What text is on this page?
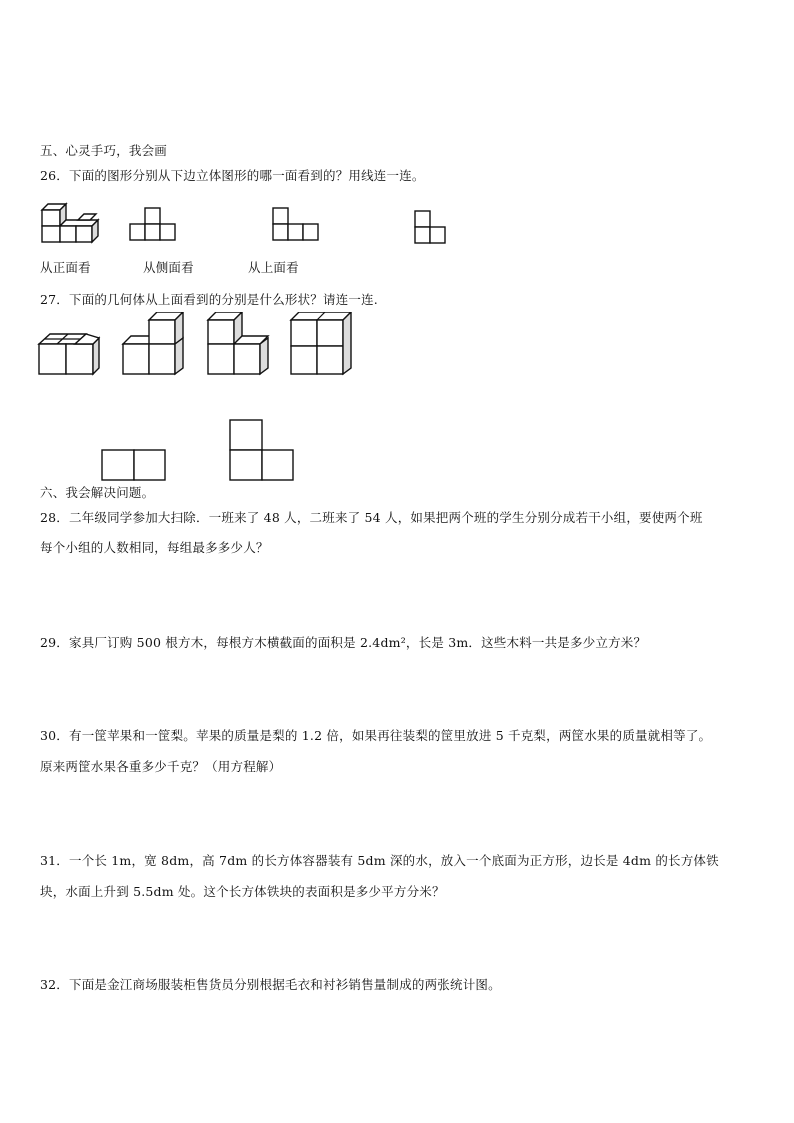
五、心灵手巧，我会画
26．下面的图形分别从下边立体图形的哪一面看到的？用线连一连。
从正面看	从侧面看	从上面看
27．下面的几何体从上面看到的分别是什么形状？请连一连.
六、我会解决问题。
28．二年级同学参加大扫除．一班来了 48 人，二班来了 54 人，如果把两个班的学生分别分成若干小组，要使两个班
每个小组的人数相同，每组最多多少人？
29．家具厂订购 500 根方木，每根方木横截面的面积是 2.4dm²，长是 3m．这些木料一共是多少立方米？
30．有一筐苹果和一筐梨。苹果的质量是梨的 1.2 倍，如果再往装梨的筐里放进 5 千克梨，两筐水果的质量就相等了。
原来两筐水果各重多少千克？（用方程解）
31．一个长 1m，宽 8dm，高 7dm 的长方体容器装有 5dm 深的水，放入一个底面为正方形，边长是 4dm 的长方体铁
块，水面上升到 5.5dm 处。这个长方体铁块的表面积是多少平方分米？
32．下面是金江商场服装柜售货员分别根据毛衣和衬衫销售量制成的两张统计图。
